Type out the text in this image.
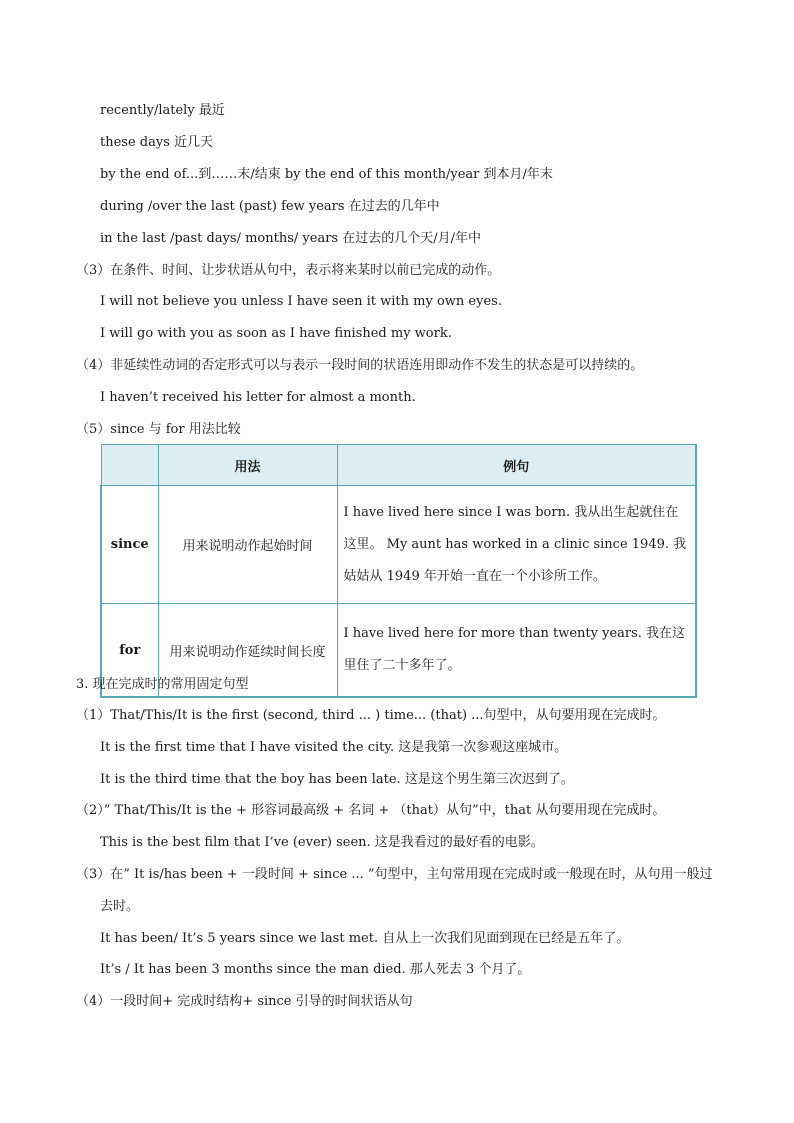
recently/lately 最近
these days 近几天
by the end of...到……末/结束 by the end of this month/year 到本月/年末
during /over the last (past) few years 在过去的几年中
in the last /past days/ months/ years 在过去的几个天/月/年中
（3）在条件、时间、让步状语从句中，表示将来某时以前已完成的动作。
I will not believe you unless I have seen it with my own eyes.
I will go with you as soon as I have finished my work.
（4）非延续性动词的否定形式可以与表示一段时间的状语连用即动作不发生的状态是可以持续的。
I haven’t received his letter for almost a month.
（5）since 与 for 用法比较
	用法	例句
since	用来说明动作起始时间	I have lived here since I was born. 我从出生起就住在这里。 My aunt has worked in a clinic since 1949. 我姑姑从 1949 年开始一直在一个小诊所工作。
for	用来说明动作延续时间长度	I have lived here for more than twenty years. 我在这里住了二十多年了。
3. 现在完成时的常用固定句型
（1）That/This/It is the first (second, third ... ) time... (that) ...句型中，从句要用现在完成时。
It is the first time that I have visited the city. 这是我第一次参观这座城市。
It is the third time that the boy has been late. 这是这个男生第三次迟到了。
（2）” That/This/It is the + 形容词最高级 + 名词 + （that）从句”中，that 从句要用现在完成时。
This is the best film that I’ve (ever) seen. 这是我看过的最好看的电影。
（3）在” It is/has been + 一段时间 + since ... ”句型中，主句常用现在完成时或一般现在时，从句用一般过
去时。
It has been/ It’s 5 years since we last met. 自从上一次我们见面到现在已经是五年了。
It’s / It has been 3 months since the man died. 那人死去 3 个月了。
（4）一段时间+ 完成时结构+ since 引导的时间状语从句
